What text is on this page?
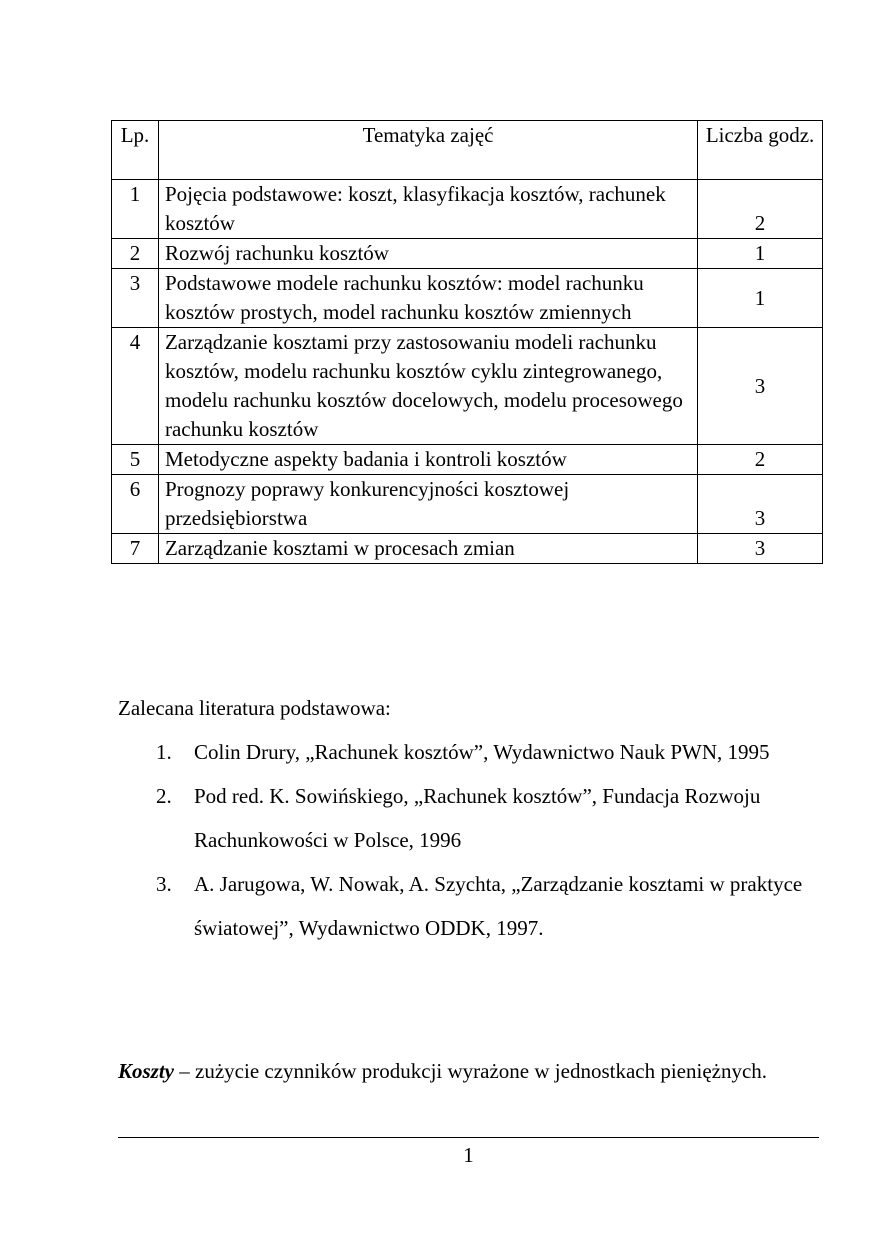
Lp.	Tematyka zajęć	Liczba godz.
1	Pojęcia podstawowe: koszt, klasyfikacja kosztów, rachunek kosztów	2
2	Rozwój rachunku kosztów	1
3	Podstawowe modele rachunku kosztów: model rachunku kosztów prostych, model rachunku kosztów zmiennych	1
4	Zarządzanie kosztami przy zastosowaniu modeli rachunku kosztów, modelu rachunku kosztów cyklu zintegrowanego, modelu rachunku kosztów docelowych, modelu procesowego rachunku kosztów	3
5	Metodyczne aspekty badania i kontroli kosztów	2
6	Prognozy poprawy konkurencyjności kosztowej przedsiębiorstwa	3
7	Zarządzanie kosztami w procesach zmian	3

Zalecana literatura podstawowa:

1. Colin Drury, „Rachunek kosztów”, Wydawnictwo Nauk PWN, 1995
2. Pod red. K. Sowińskiego, „Rachunek kosztów”, Fundacja Rozwoju Rachunkowości w Polsce, 1996
3. A. Jarugowa, W. Nowak, A. Szychta, „Zarządzanie kosztami w praktyce światowej”, Wydawnictwo ODDK, 1997.

Koszty – zużycie czynników produkcji wyrażone w jednostkach pieniężnych.

1
